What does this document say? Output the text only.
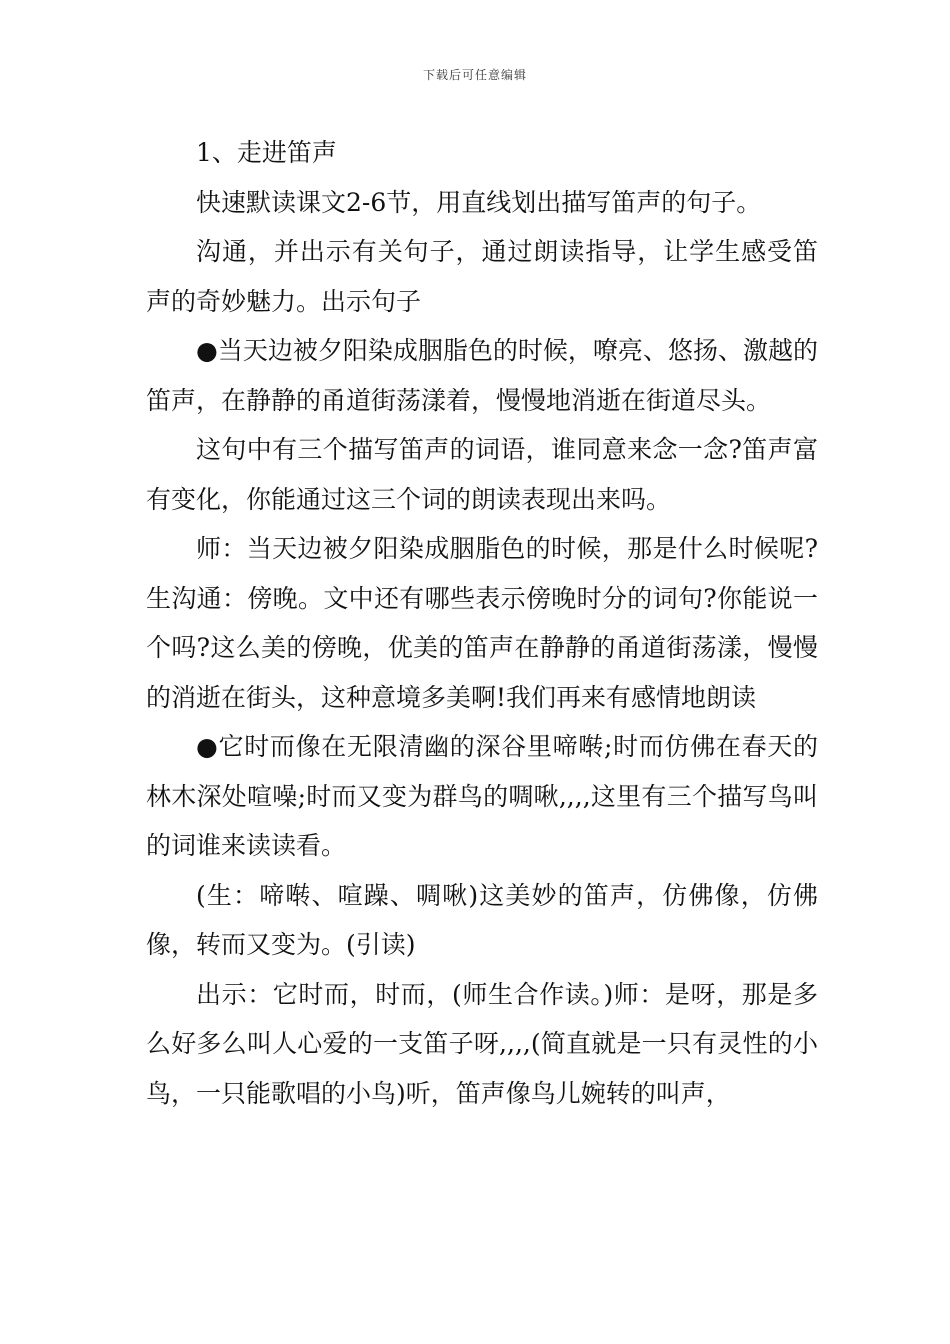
下载后可任意编辑

1、走进笛声

快速默读课文2-6节，用直线划出描写笛声的句子。

沟通，并出示有关句子，通过朗读指导，让学生感受笛声的奇妙魅力。出示句子

●当天边被夕阳染成胭脂色的时候，嘹亮、悠扬、激越的笛声，在静静的甬道街荡漾着，慢慢地消逝在街道尽头。

这句中有三个描写笛声的词语，谁同意来念一念?笛声富有变化，你能通过这三个词的朗读表现出来吗。

师：当天边被夕阳染成胭脂色的时候，那是什么时候呢?生沟通：傍晚。文中还有哪些表示傍晚时分的词句?你能说一个吗?这么美的傍晚，优美的笛声在静静的甬道街荡漾，慢慢的消逝在街头，这种意境多美啊!我们再来有感情地朗读

●它时而像在无限清幽的深谷里啼啭;时而仿佛在春天的林木深处喧噪;时而又变为群鸟的啁啾,,,,这里有三个描写鸟叫的词谁来读读看。

(生：啼啭、喧躁、啁啾)这美妙的笛声，仿佛像，仿佛像，转而又变为。(引读)

出示：它时而，时而，(师生合作读。)师：是呀，那是多么好多么叫人心爱的一支笛子呀,,,,(简直就是一只有灵性的小鸟，一只能歌唱的小鸟)听，笛声像鸟儿婉转的叫声，
